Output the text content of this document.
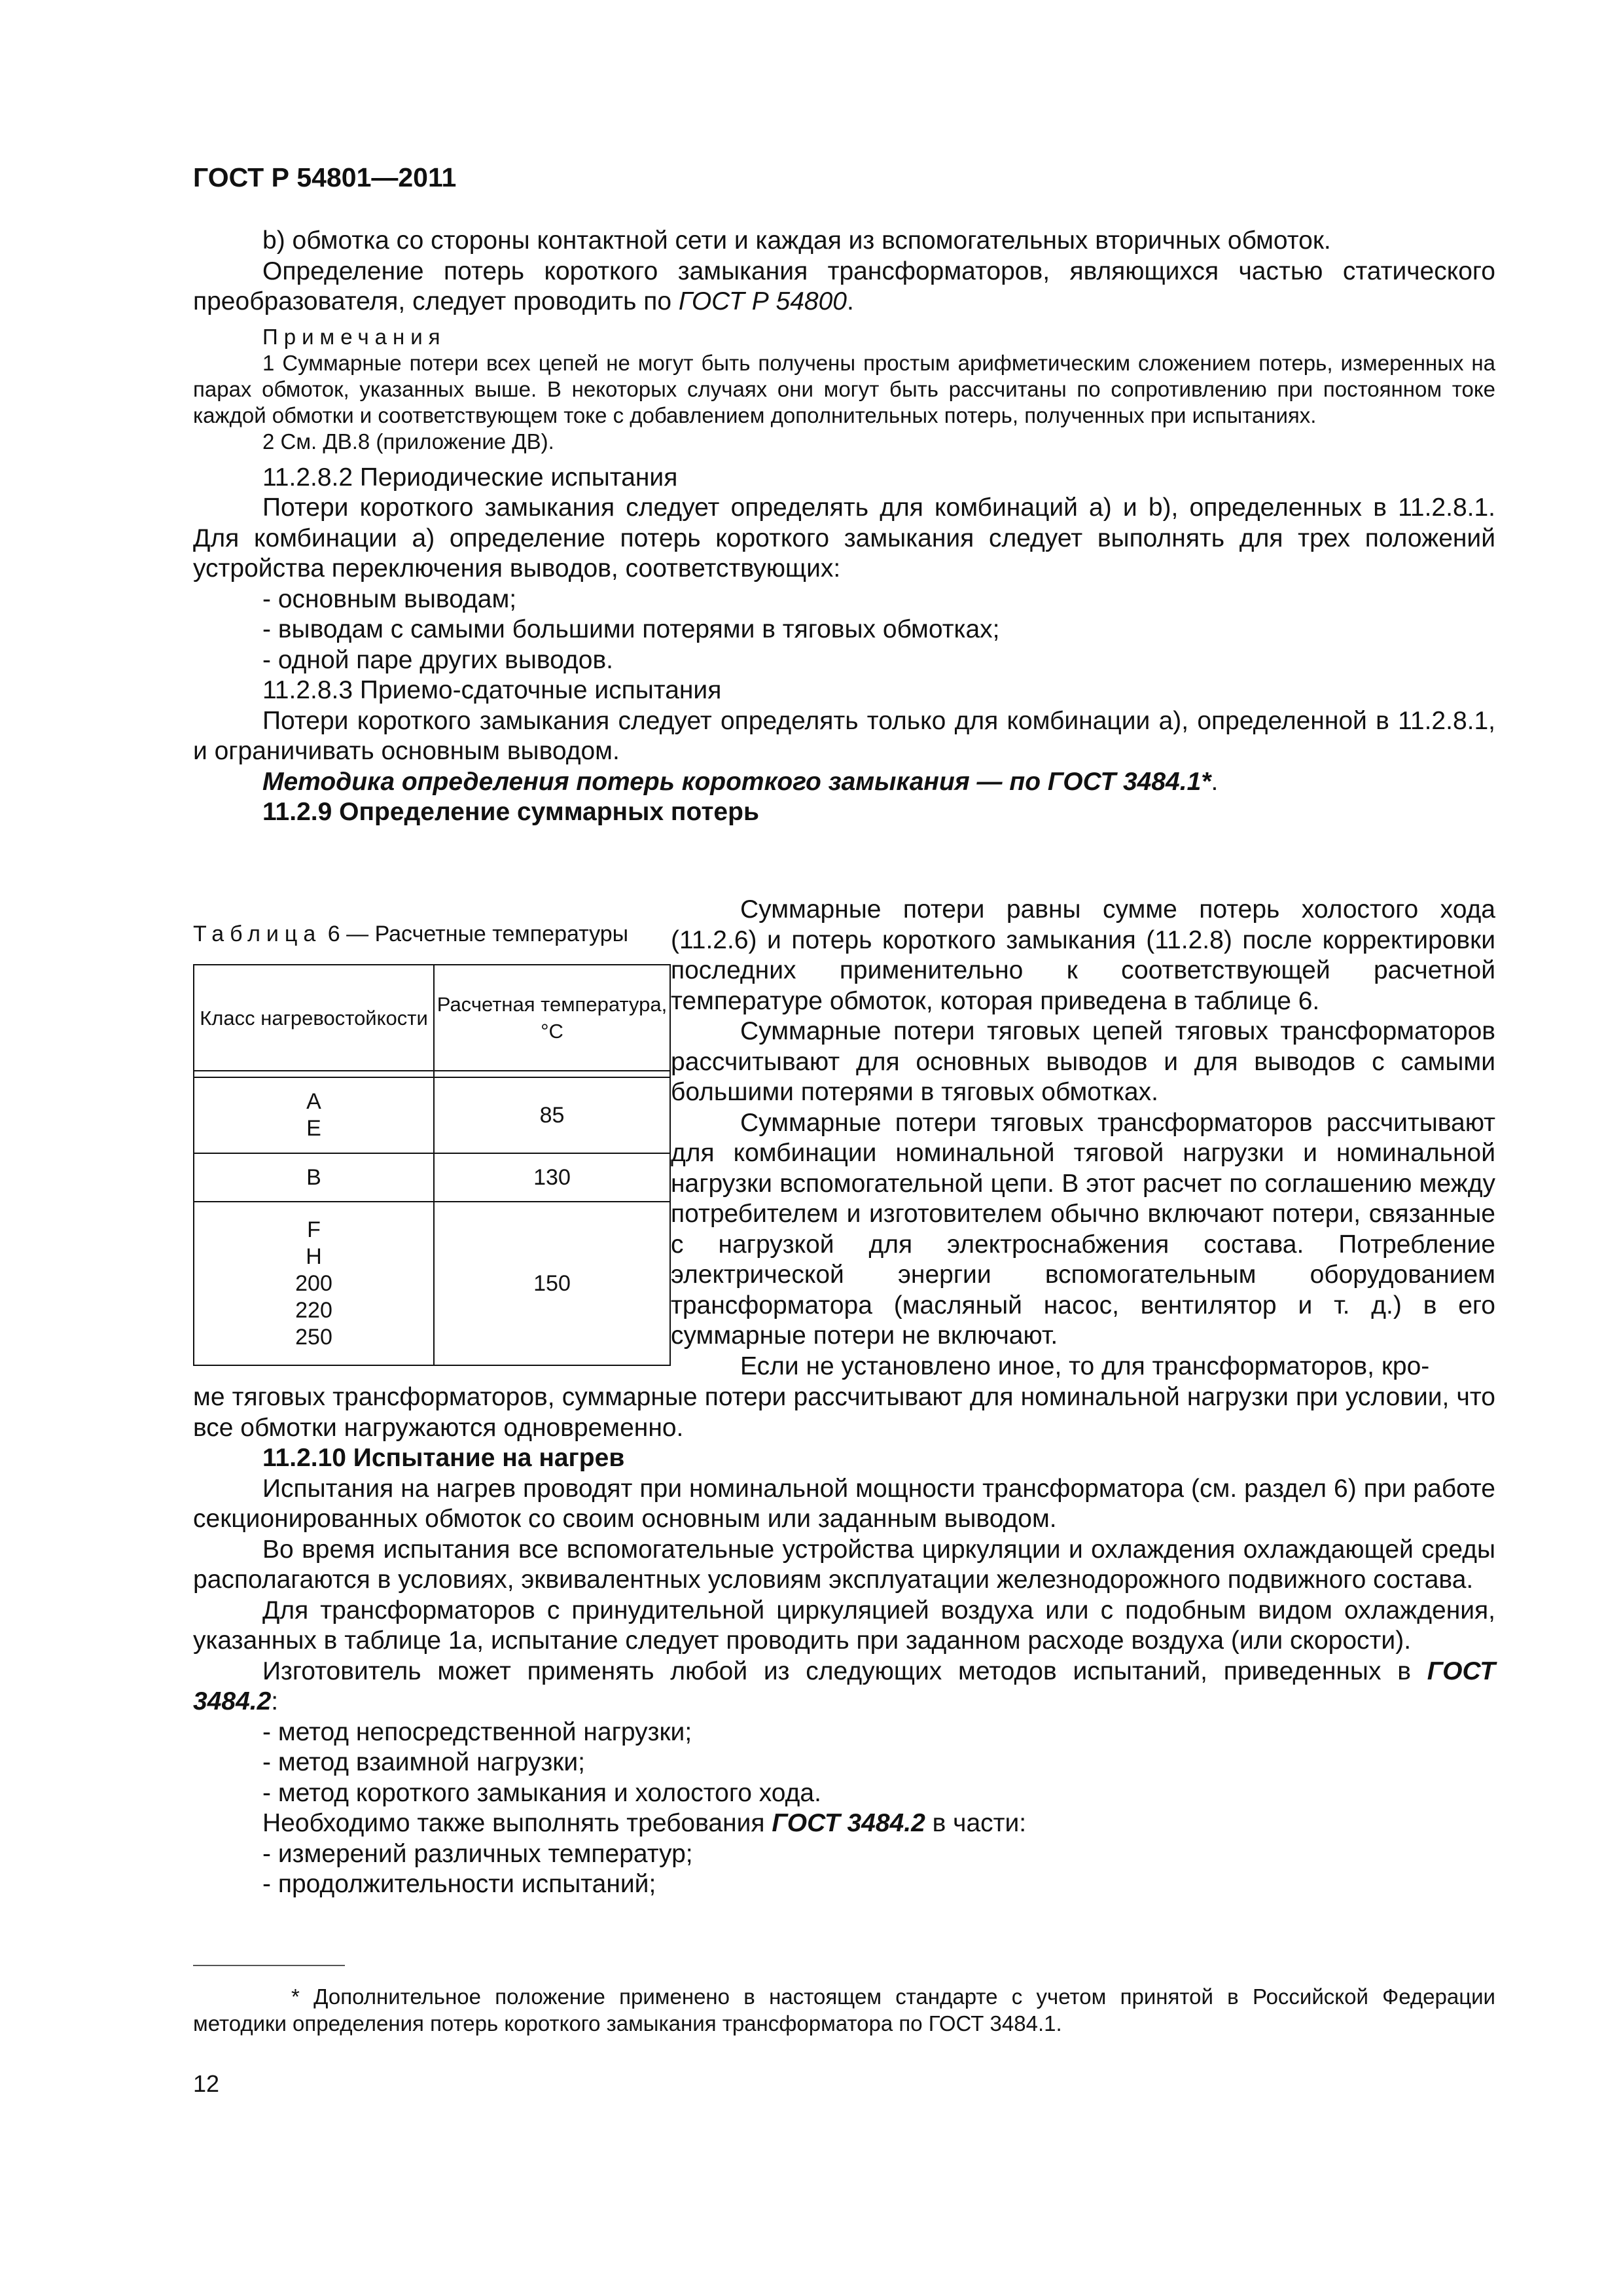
ГОСТ Р 54801—2011

b) обмотка со стороны контактной сети и каждая из вспомогательных вторичных обмоток.

Определение потерь короткого замыкания трансформаторов, являющихся частью статического преобразователя, следует проводить по ГОСТ Р 54800.

Примечания

1 Суммарные потери всех цепей не могут быть получены простым арифметическим сложением потерь, измеренных на парах обмоток, указанных выше. В некоторых случаях они могут быть рассчитаны по сопротивлению при постоянном токе каждой обмотки и соответствующем токе с добавлением дополнительных потерь, полученных при испытаниях.

2 См. ДВ.8 (приложение ДВ).

11.2.8.2 Периодические испытания

Потери короткого замыкания следует определять для комбинаций a) и b), определенных в 11.2.8.1. Для комбинации a) определение потерь короткого замыкания следует выполнять для трех положений устройства переключения выводов, соответствующих:

- основным выводам;

- выводам с самыми большими потерями в тяговых обмотках;

- одной паре других выводов.

11.2.8.3 Приемо-сдаточные испытания

Потери короткого замыкания следует определять только для комбинации a), определенной в 11.2.8.1, и ограничивать основным выводом.

Методика определения потерь короткого замыкания — по ГОСТ 3484.1*.

11.2.9 Определение суммарных потерь

Таблица 6 — Расчетные температуры
Класс нагревостойкости	Расчетная температура, °С

A
E	85

B	130

F
H
200
220
250	150

Суммарные потери равны сумме потерь холостого хода (11.2.6) и потерь короткого замыкания (11.2.8) после корректировки последних применительно к соответствующей расчетной температуре обмоток, которая приведена в таблице 6.

Суммарные потери тяговых цепей тяговых трансформаторов рассчитывают для основных выводов и для выводов с самыми большими потерями в тяговых обмотках.

Суммарные потери тяговых трансформаторов рассчитывают для комбинации номинальной тяговой нагрузки и номинальной нагрузки вспомогательной цепи. В этот расчет по соглашению между потребителем и изготовителем обычно включают потери, связанные с нагрузкой для электроснабжения состава. Потребление электрической энергии вспомогательным оборудованием трансформатора (масляный насос, вентилятор и т. д.) в его суммарные потери не включают.

Если не установлено иное, то для трансформаторов, кро-

ме тяговых трансформаторов, суммарные потери рассчитывают для номинальной нагрузки при условии, что все обмотки нагружаются одновременно.

11.2.10 Испытание на нагрев

Испытания на нагрев проводят при номинальной мощности трансформатора (см. раздел 6) при работе секционированных обмоток со своим основным или заданным выводом.

Во время испытания все вспомогательные устройства циркуляции и охлаждения охлаждающей среды располагаются в условиях, эквивалентных условиям эксплуатации железнодорожного подвижного состава.

Для трансформаторов с принудительной циркуляцией воздуха или с подобным видом охлаждения, указанных в таблице 1а, испытание следует проводить при заданном расходе воздуха (или скорости).

Изготовитель может применять любой из следующих методов испытаний, приведенных в ГОСТ 3484.2:

- метод непосредственной нагрузки;

- метод взаимной нагрузки;

- метод короткого замыкания и холостого хода.

Необходимо также выполнять требования ГОСТ 3484.2 в части:

- измерений различных температур;

- продолжительности испытаний;

* Дополнительное положение применено в настоящем стандарте с учетом принятой в Российской Федерации методики определения потерь короткого замыкания трансформатора по ГОСТ 3484.1.
12
